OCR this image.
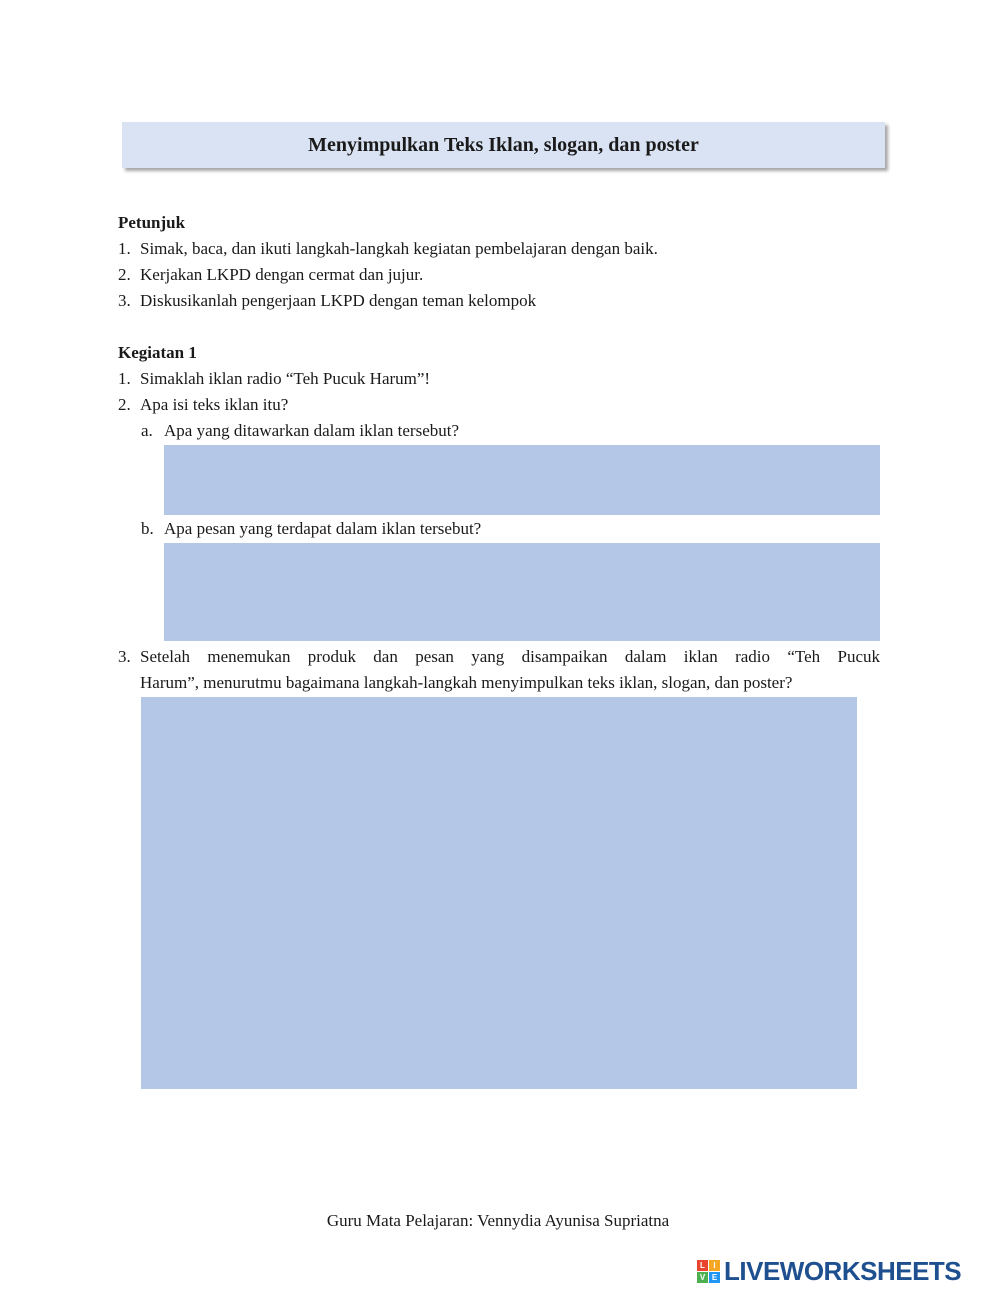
Menyimpulkan Teks Iklan, slogan, dan poster
Petunjuk
1. Simak, baca, dan ikuti langkah-langkah kegiatan pembelajaran dengan baik.
2. Kerjakan LKPD dengan cermat dan jujur.
3. Diskusikanlah pengerjaan LKPD dengan teman kelompok
Kegiatan 1
1. Simaklah iklan radio “Teh Pucuk Harum”!
2. Apa isi teks iklan itu?
a. Apa yang ditawarkan dalam iklan tersebut?
b. Apa pesan yang terdapat dalam iklan tersebut?
3. Setelah menemukan produk dan pesan yang disampaikan dalam iklan radio “Teh Pucuk
Harum”, menurutmu bagaimana langkah-langkah menyimpulkan teks iklan, slogan, dan poster?
Guru Mata Pelajaran: Vennydia Ayunisa Supriatna
L	I
V E LIVEWORKSHEETS
